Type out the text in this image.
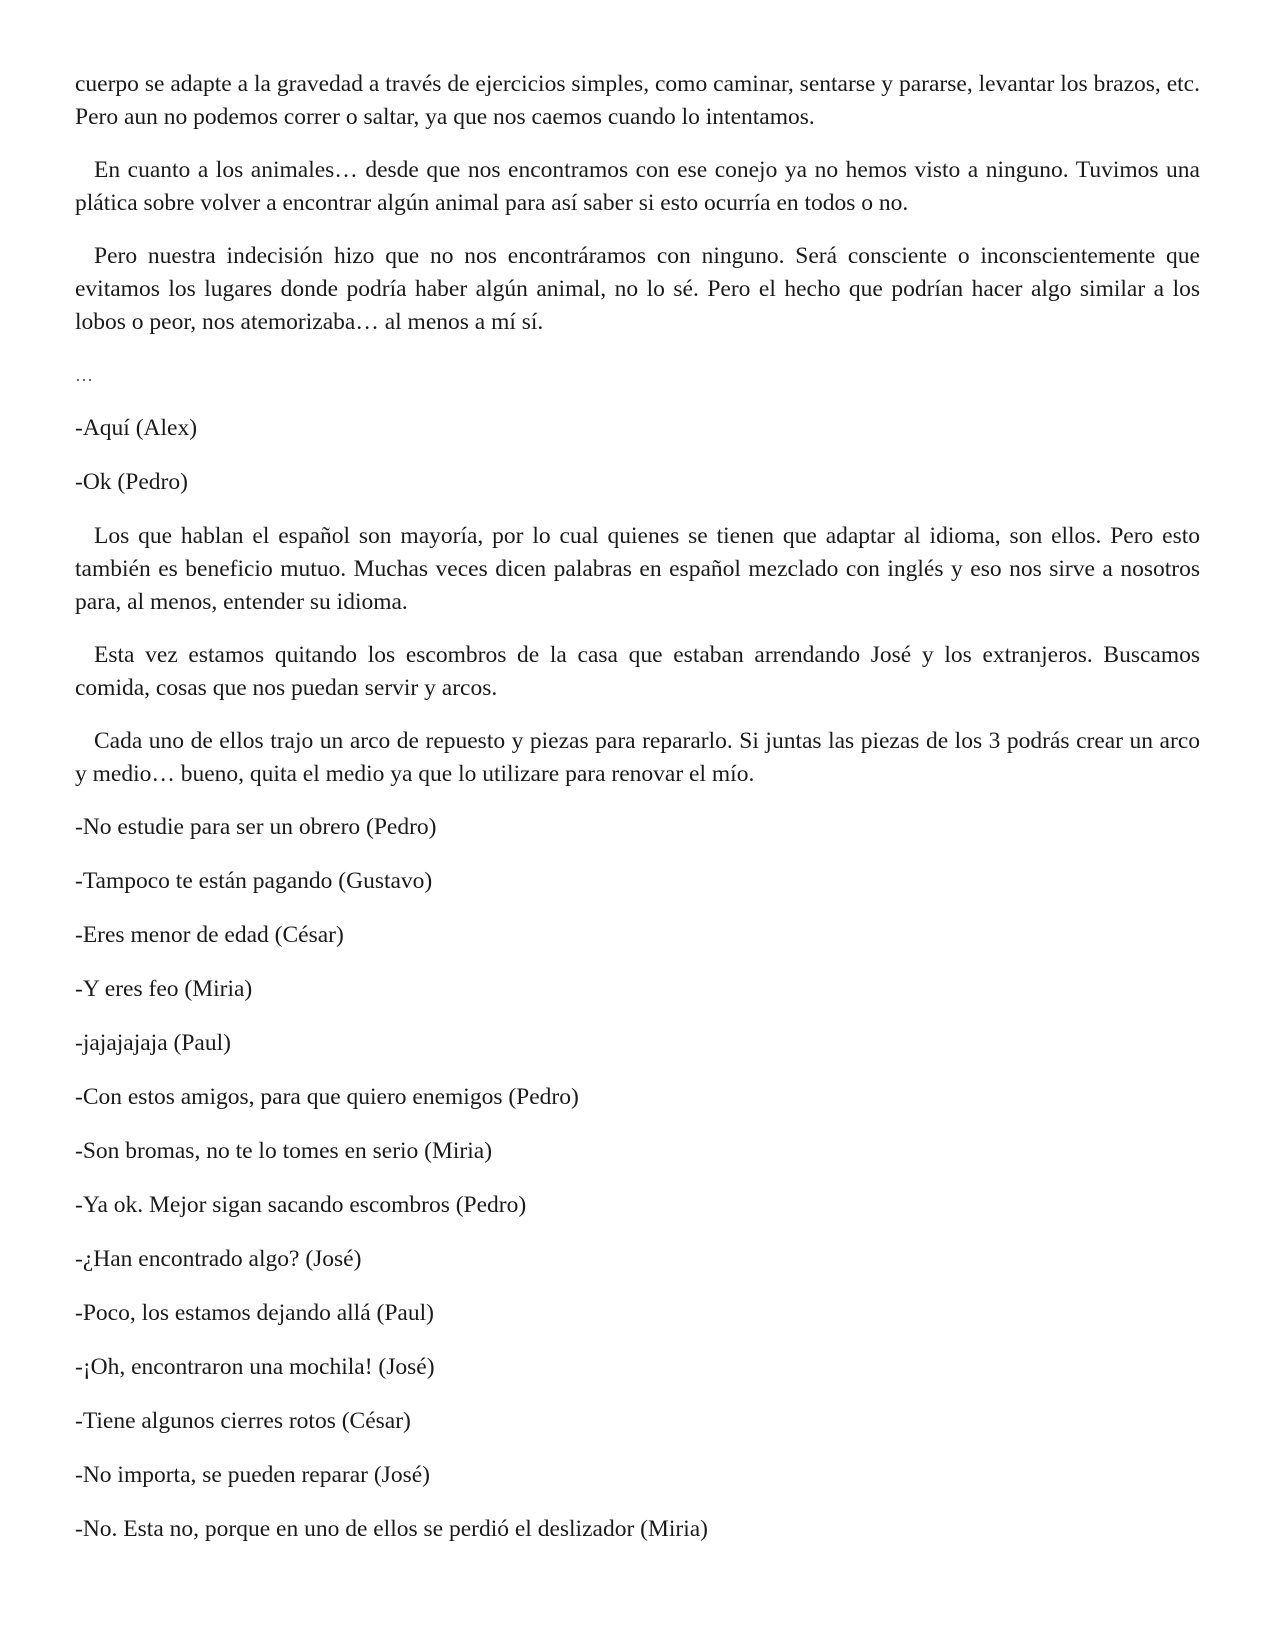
cuerpo se adapte a la gravedad a través de ejercicios simples, como caminar, sentarse y pararse, levantar los brazos, etc. Pero aun no podemos correr o saltar, ya que nos caemos cuando lo intentamos.

En cuanto a los animales… desde que nos encontramos con ese conejo ya no hemos visto a ninguno. Tuvimos una plática sobre volver a encontrar algún animal para así saber si esto ocurría en todos o no.

Pero nuestra indecisión hizo que no nos encontráramos con ninguno. Será consciente o inconscientemente que evitamos los lugares donde podría haber algún animal, no lo sé. Pero el hecho que podrían hacer algo similar a los lobos o peor, nos atemorizaba… al menos a mí sí.

…

-Aquí (Alex)

-Ok (Pedro)

Los que hablan el español son mayoría, por lo cual quienes se tienen que adaptar al idioma, son ellos. Pero esto también es beneficio mutuo. Muchas veces dicen palabras en español mezclado con inglés y eso nos sirve a nosotros para, al menos, entender su idioma.

Esta vez estamos quitando los escombros de la casa que estaban arrendando José y los extranjeros. Buscamos comida, cosas que nos puedan servir y arcos.

Cada uno de ellos trajo un arco de repuesto y piezas para repararlo. Si juntas las piezas de los 3 podrás crear un arco y medio… bueno, quita el medio ya que lo utilizare para renovar el mío.

-No estudie para ser un obrero (Pedro)

-Tampoco te están pagando (Gustavo)

-Eres menor de edad (César)

-Y eres feo (Miria)

-jajajajaja (Paul)

-Con estos amigos, para que quiero enemigos (Pedro)

-Son bromas, no te lo tomes en serio (Miria)

-Ya ok. Mejor sigan sacando escombros (Pedro)

-¿Han encontrado algo? (José)

-Poco, los estamos dejando allá (Paul)

-¡Oh, encontraron una mochila! (José)

-Tiene algunos cierres rotos (César)

-No importa, se pueden reparar (José)

-No. Esta no, porque en uno de ellos se perdió el deslizador (Miria)
